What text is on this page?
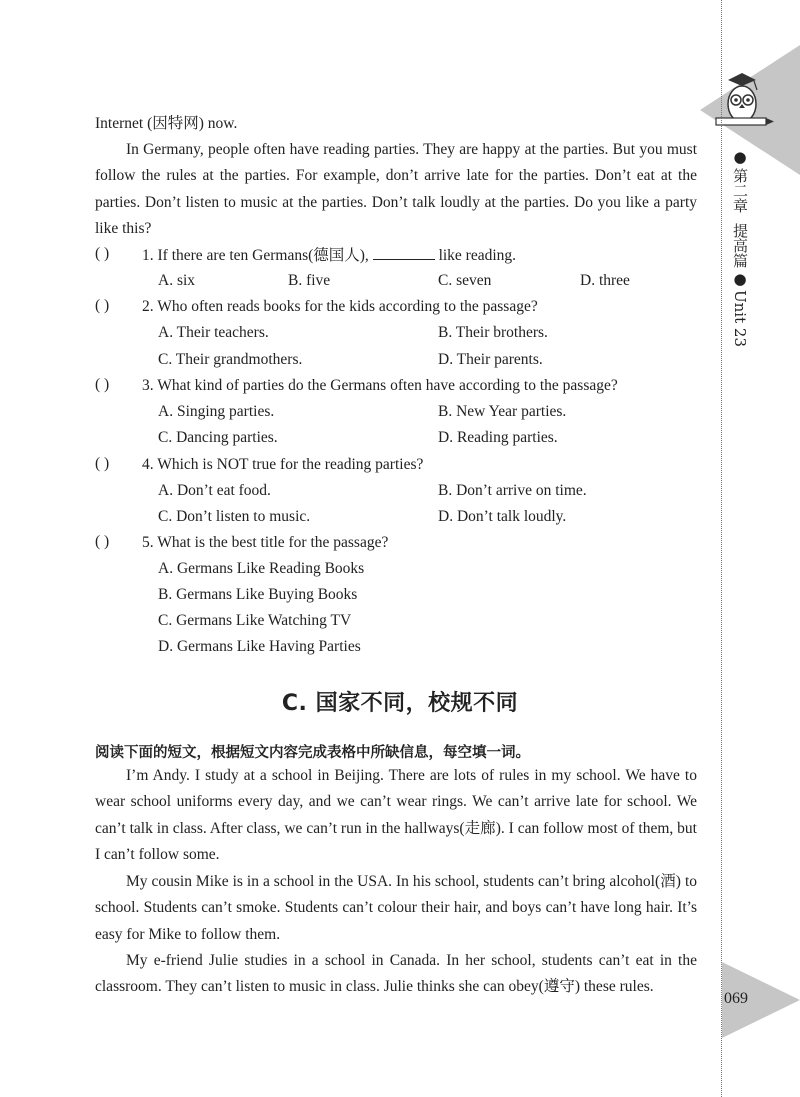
Internet (因特网) now.
In Germany, people often have reading parties. They are happy at the parties. But you must follow the rules at the parties. For example, don’t arrive late for the parties. Don’t eat at the parties. Don’t listen to music at the parties. Don’t talk loudly at the parties. Do you like a party like this?
( ) 1. If there are ten Germans(德国人),	like reading.
A. six	B. five	C. seven	D. three
( ) 2. Who often reads books for the kids according to the passage?
A. Their teachers.	B. Their brothers.
C. Their grandmothers.	D. Their parents.
( ) 3. What kind of parties do the Germans often have according to the passage?
A. Singing parties.	B. New Year parties.
C. Dancing parties.	D. Reading parties.
( ) 4. Which is NOT true for the reading parties?
A. Don’t eat food.	B. Don’t arrive on time.
C. Don’t listen to music.	D. Don’t talk loudly.
( ) 5. What is the best title for the passage?
A. Germans Like Reading Books
B. Germans Like Buying Books
C. Germans Like Watching TV
D. Germans Like Having Parties
C. 国家不同，校规不同
阅读下面的短文，根据短文内容完成表格中所缺信息，每空填一词。
I’m Andy. I study at a school in Beijing. There are lots of rules in my school. We have to wear school uniforms every day, and we can’t wear rings. We can’t arrive late for school. We can’t talk in class. After class, we can’t run in the hallways(走廊). I can follow most of them, but I can’t follow some.
My cousin Mike is in a school in the USA. In his school, students can’t bring alcohol(酒) to school. Students can’t smoke. Students can’t colour their hair, and boys can’t have long hair. It’s easy for Mike to follow them.
My e-friend Julie studies in a school in Canada. In her school, students can’t eat in the classroom. They can’t listen to music in class. Julie thinks she can obey(遵守) these rules.
●
第二章
提高篇
●
Unit 23
069
